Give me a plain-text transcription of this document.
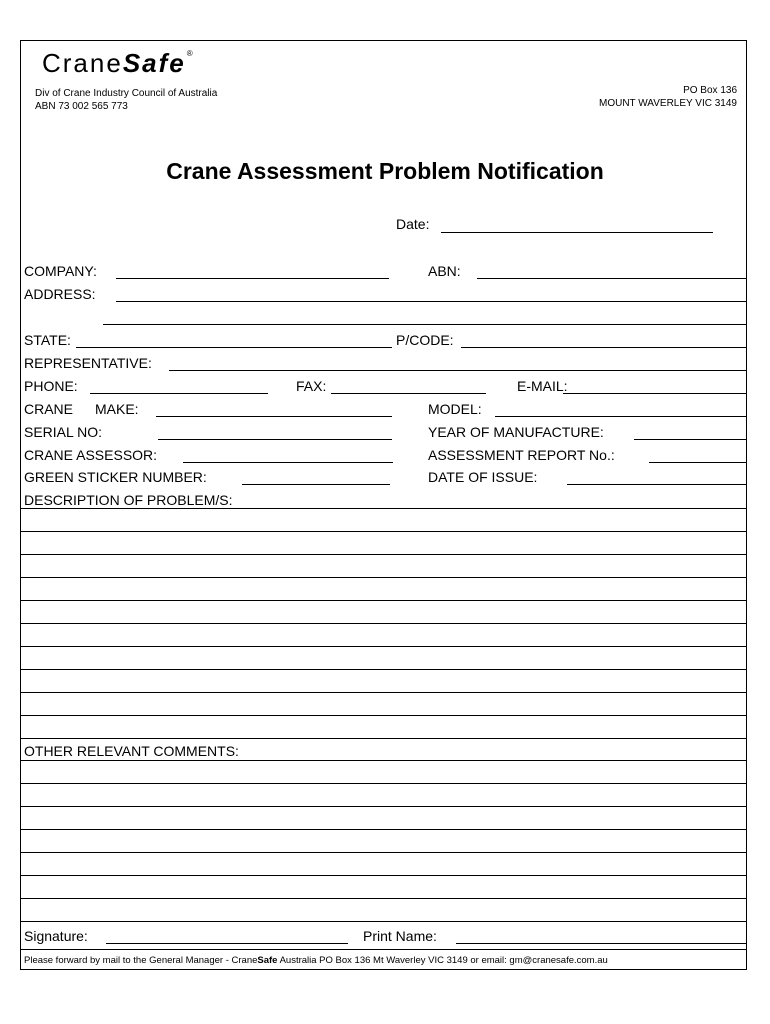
CraneSafe®
Div of Crane Industry Council of Australia
ABN 73 002 565 773
PO Box 136
MOUNT WAVERLEY VIC 3149
Crane Assessment Problem Notification
Date:
COMPANY:	ABN:
ADDRESS:
STATE:	P/CODE:
REPRESENTATIVE:
PHONE:	FAX:	E-MAIL:
CRANE MAKE:	MODEL:
SERIAL NO:	YEAR OF MANUFACTURE:
CRANE ASSESSOR:	ASSESSMENT REPORT No.:
GREEN STICKER NUMBER:	DATE OF ISSUE:
DESCRIPTION OF PROBLEM/S:
OTHER RELEVANT COMMENTS:
Signature:	Print Name:
Please forward by mail to the General Manager - CraneSafe Australia PO Box 136 Mt Waverley VIC 3149 or email: gm@cranesafe.com.au
